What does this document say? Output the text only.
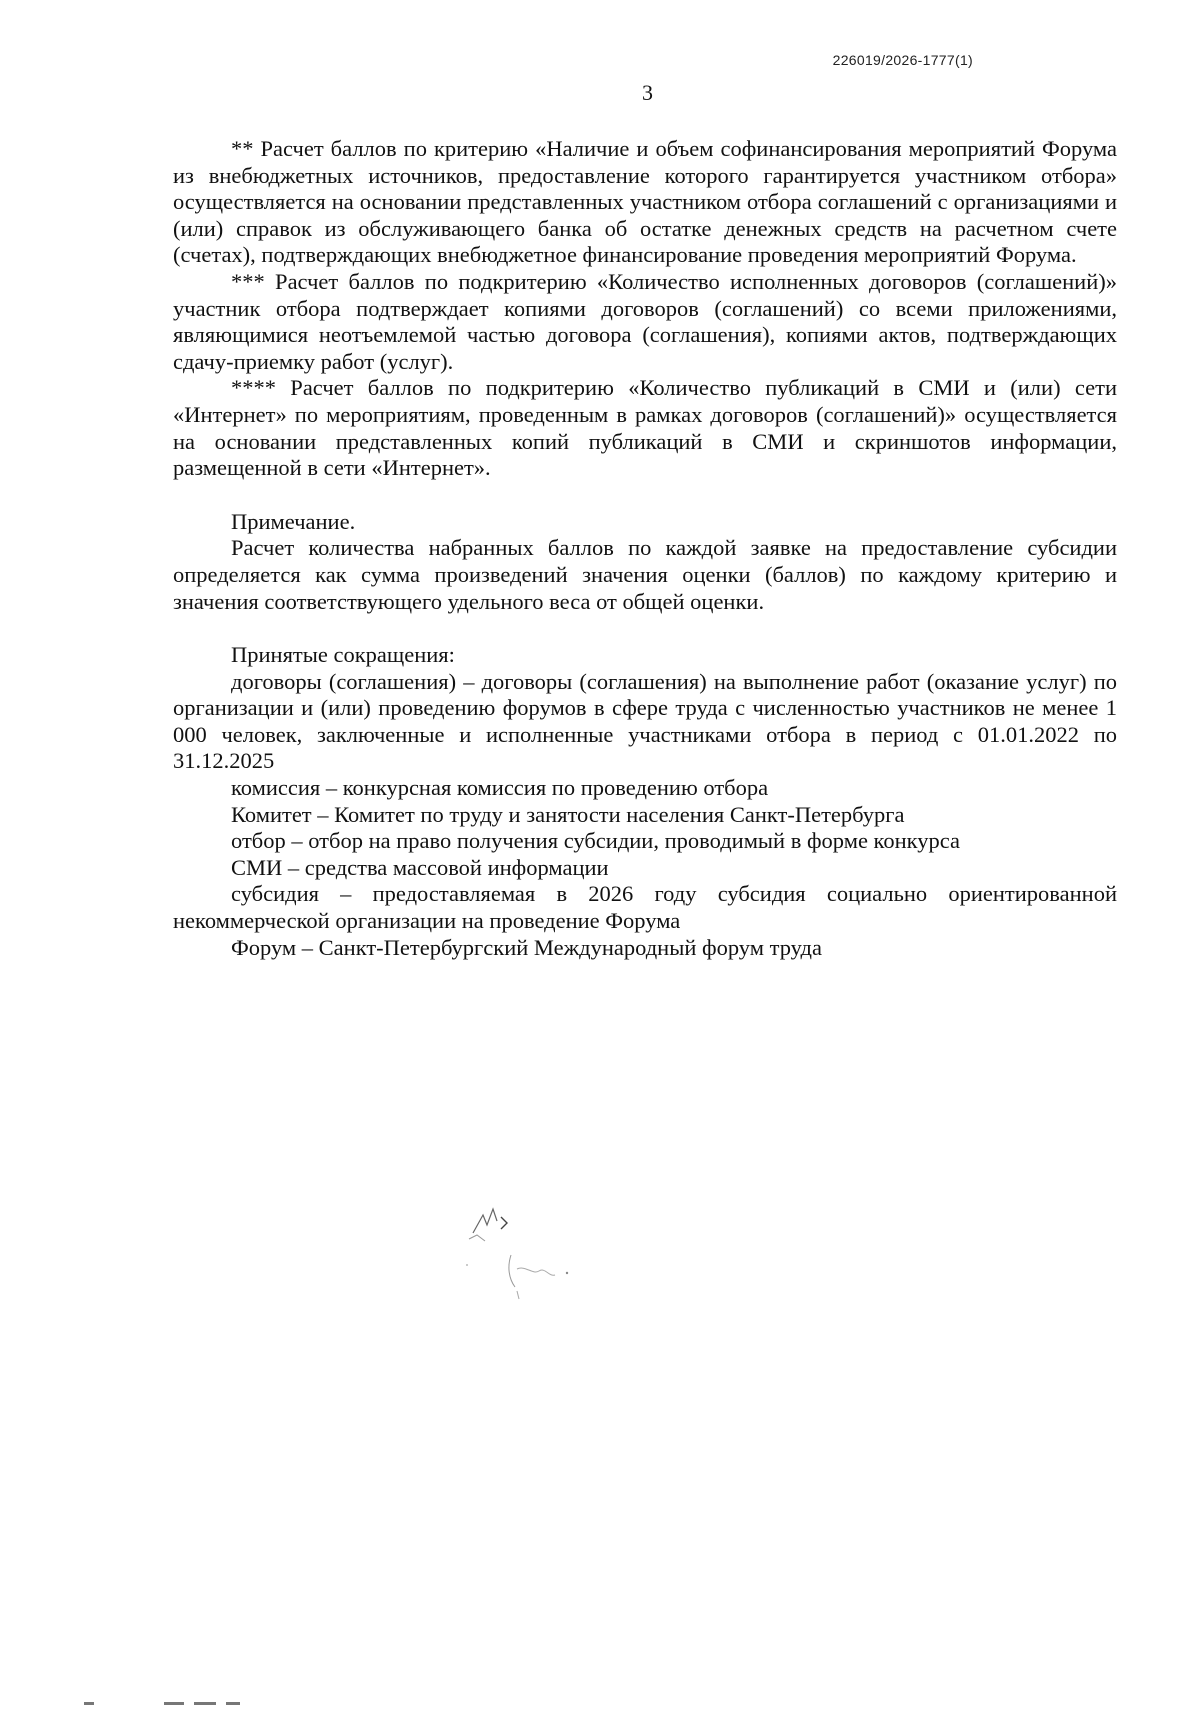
226019/2026-1777(1)
3

** Расчет баллов по критерию «Наличие и объем софинансирования мероприятий Форума из внебюджетных источников, предоставление которого гарантируется участником отбора» осуществляется на основании представленных участником отбора соглашений с организациями и (или) справок из обслуживающего банка об остатке денежных средств на расчетном счете (счетах), подтверждающих внебюджетное финансирование проведения мероприятий Форума.

*** Расчет баллов по подкритерию «Количество исполненных договоров (соглашений)» участник отбора подтверждает копиями договоров (соглашений) со всеми приложениями, являющимися неотъемлемой частью договора (соглашения), копиями актов, подтверждающих сдачу-приемку работ (услуг).

**** Расчет баллов по подкритерию «Количество публикаций в СМИ и (или) сети «Интернет» по мероприятиям, проведенным в рамках договоров (соглашений)» осуществляется на основании представленных копий публикаций в СМИ и скриншотов информации, размещенной в сети «Интернет».

Примечание.

Расчет количества набранных баллов по каждой заявке на предоставление субсидии определяется как сумма произведений значения оценки (баллов) по каждому критерию и значения соответствующего удельного веса от общей оценки.

Принятые сокращения:

договоры (соглашения) – договоры (соглашения) на выполнение работ (оказание услуг) по организации и (или) проведению форумов в сфере труда с численностью участников не менее 1 000 человек, заключенные и исполненные участниками отбора в период с 01.01.2022 по 31.12.2025

комиссия – конкурсная комиссия по проведению отбора

Комитет – Комитет по труду и занятости населения Санкт-Петербурга

отбор – отбор на право получения субсидии, проводимый в форме конкурса

СМИ – средства массовой информации

субсидия – предоставляемая в 2026 году субсидия социально ориентированной некоммерческой организации на проведение Форума

Форум – Санкт-Петербургский Международный форум труда
